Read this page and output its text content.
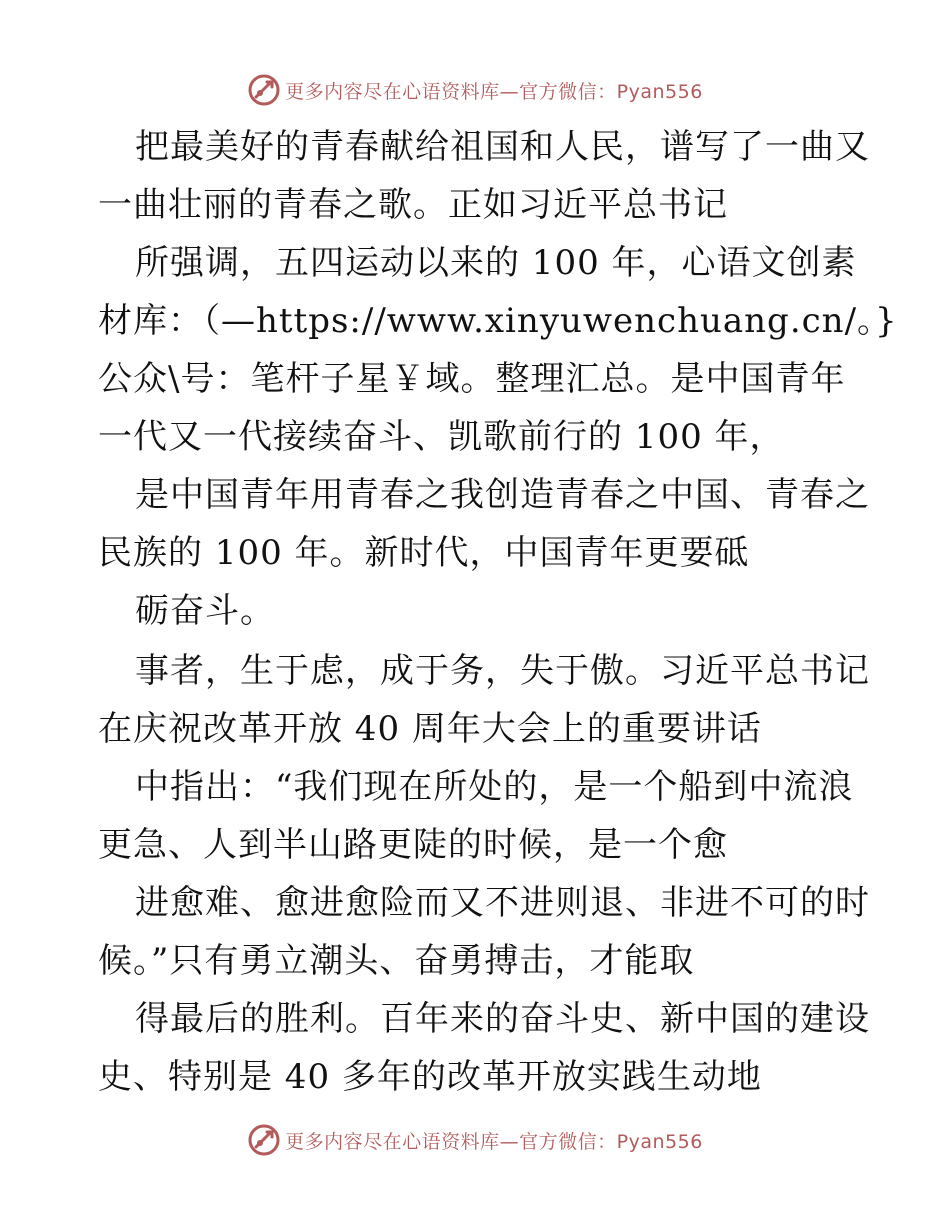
更多内容尽在心语资料库—官方微信：Pyan556
把最美好的青春献给祖国和人民，谱写了一曲又
一曲壮丽的青春之歌。正如习近平总书记
所强调，五四运动以来的 100 年，心语文创素
材库：（—https://www.xinyuwenchuang.cn/。}
公众\号：笔杆子星￥域。整理汇总。是中国青年
一代又一代接续奋斗、凯歌前行的 100 年，
是中国青年用青春之我创造青春之中国、青春之
民族的 100 年。新时代，中国青年更要砥
砺奋斗。
事者，生于虑，成于务，失于傲。习近平总书记
在庆祝改革开放 40 周年大会上的重要讲话
中指出：“我们现在所处的，是一个船到中流浪
更急、人到半山路更陡的时候，是一个愈
进愈难、愈进愈险而又不进则退、非进不可的时
候。”只有勇立潮头、奋勇搏击，才能取
得最后的胜利。百年来的奋斗史、新中国的建设
史、特别是 40 多年的改革开放实践生动地
更多内容尽在心语资料库—官方微信：Pyan556
